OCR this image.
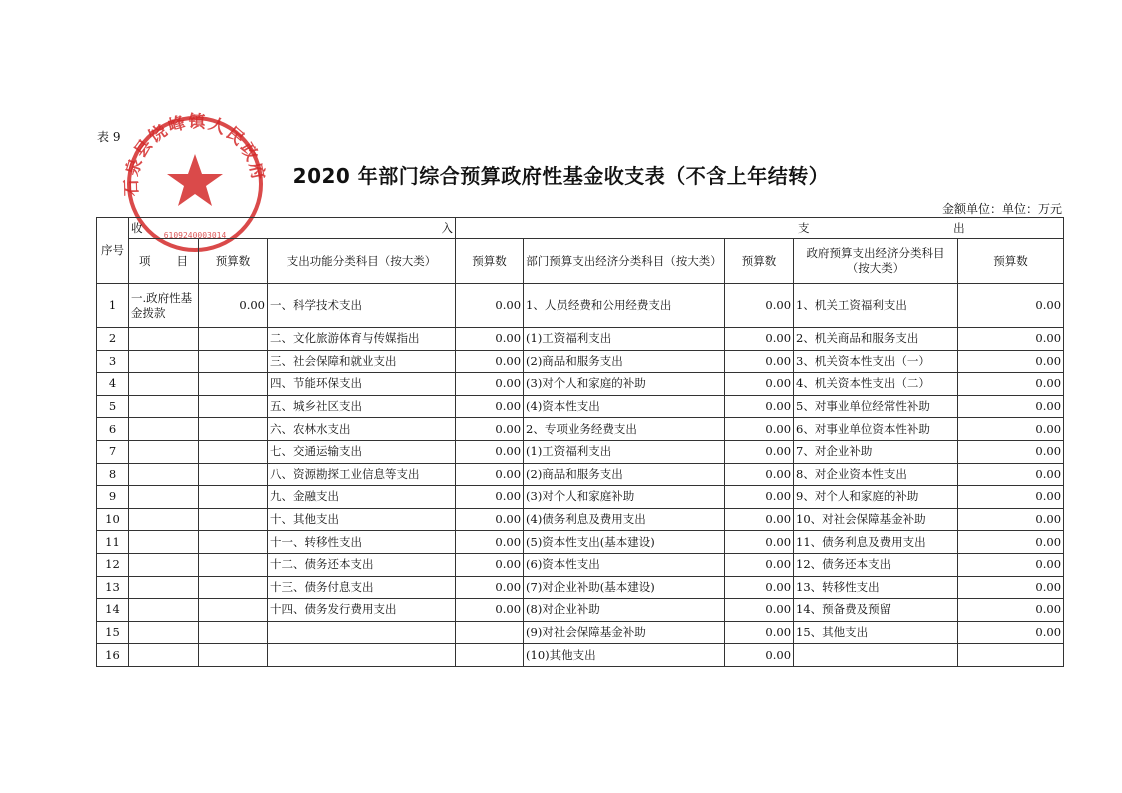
表 9
石泉县饶峰镇人民政府
6109240003014
2020 年部门综合预算政府性基金收支表（不含上年结转）
金额单位：单位：万元
序号	收 入			支 出				
	项 目	预算数	支出功能分类科目（按大类）	预算数	部门预算支出经济分类科目（按大类）	预算数	政府预算支出经济分类科目（按大类）	预算数
1	一.政府性基金拨款	0.00	一、科学技术支出	0.00	1、人员经费和公用经费支出	0.00	1、机关工资福利支出	0.00
2			二、文化旅游体育与传媒指出	0.00	(1)工资福利支出	0.00	2、机关商品和服务支出	0.00
3			三、社会保障和就业支出	0.00	(2)商品和服务支出	0.00	3、机关资本性支出（一）	0.00
4			四、节能环保支出	0.00	(3)对个人和家庭的补助	0.00	4、机关资本性支出（二）	0.00
5			五、城乡社区支出	0.00	(4)资本性支出	0.00	5、对事业单位经常性补助	0.00
6			六、农林水支出	0.00	2、专项业务经费支出	0.00	6、对事业单位资本性补助	0.00
7			七、交通运输支出	0.00	(1)工资福利支出	0.00	7、对企业补助	0.00
8			八、资源勘探工业信息等支出	0.00	(2)商品和服务支出	0.00	8、对企业资本性支出	0.00
9			九、金融支出	0.00	(3)对个人和家庭补助	0.00	9、对个人和家庭的补助	0.00
10			十、其他支出	0.00	(4)债务利息及费用支出	0.00	10、对社会保障基金补助	0.00
11			十一、转移性支出	0.00	(5)资本性支出(基本建设)	0.00	11、债务利息及费用支出	0.00
12			十二、债务还本支出	0.00	(6)资本性支出	0.00	12、债务还本支出	0.00
13			十三、债务付息支出	0.00	(7)对企业补助(基本建设)	0.00	13、转移性支出	0.00
14			十四、债务发行费用支出	0.00	(8)对企业补助	0.00	14、预备费及预留	0.00
15					(9)对社会保障基金补助	0.00	15、其他支出	0.00
16					(10)其他支出	0.00		
